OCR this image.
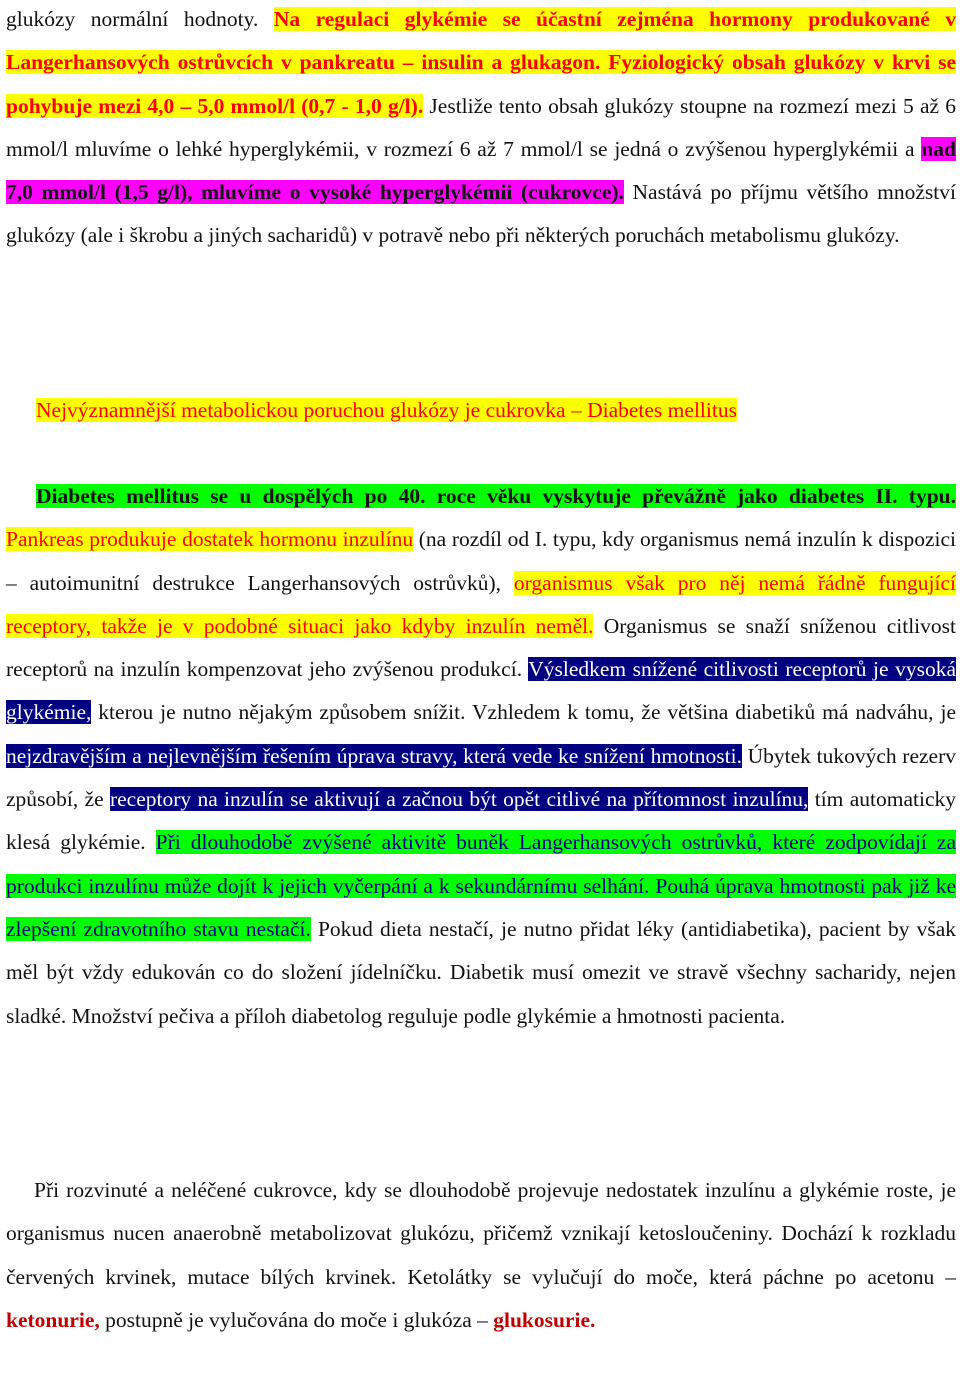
glukózy normální hodnoty. Na regulaci glykémie se účastní zejména hormony produkované v Langerhansových ostrůvcích v pankreatu – insulin a glukagon. Fyziologický obsah glukózy v krvi se pohybuje mezi 4,0 – 5,0 mmol/l (0,7 - 1,0 g/l). Jestliže tento obsah glukózy stoupne na rozmezí mezi 5 až 6 mmol/l mluvíme o lehké hyperglykémii, v rozmezí 6 až 7 mmol/l se jedná o zvýšenou hyperglykémii a nad 7,0 mmol/l (1,5 g/l), mluvíme o vysoké hyperglykémii (cukrovce). Nastává po příjmu většího množství glukózy (ale i škrobu a jiných sacharidů) v potravě nebo při některých poruchách metabolismu glukózy.

Nejvýznamnější metabolickou poruchou glukózy je cukrovka – Diabetes mellitus

Diabetes mellitus se u dospělých po 40. roce věku vyskytuje převážně jako diabetes II. typu. Pankreas produkuje dostatek hormonu inzulínu (na rozdíl od I. typu, kdy organismus nemá inzulín k dispozici – autoimunitní destrukce Langerhansových ostrůvků), organismus však pro něj nemá řádně fungující receptory, takže je v podobné situaci jako kdyby inzulín neměl. Organismus se snaží sníženou citlivost receptorů na inzulín kompenzovat jeho zvýšenou produkcí. Výsledkem snížené citlivosti receptorů je vysoká glykémie, kterou je nutno nějakým způsobem snížit. Vzhledem k tomu, že většina diabetiků má nadváhu, je nejzdravějším a nejlevnějším řešením úprava stravy, která vede ke snížení hmotnosti. Úbytek tukových rezerv způsobí, že receptory na inzulín se aktivují a začnou být opět citlivé na přítomnost inzulínu, tím automaticky klesá glykémie. Při dlouhodobě zvýšené aktivitě buněk Langerhansových ostrůvků, které zodpovídají za produkci inzulínu může dojít k jejich vyčerpání a k sekundárnímu selhání. Pouhá úprava hmotnosti pak již ke zlepšení zdravotního stavu nestačí. Pokud dieta nestačí, je nutno přidat léky (antidiabetika), pacient by však měl být vždy edukován co do složení jídelníčku. Diabetik musí omezit ve stravě všechny sacharidy, nejen sladké. Množství pečiva a příloh diabetolog reguluje podle glykémie a hmotnosti pacienta.

Při rozvinuté a neléčené cukrovce, kdy se dlouhodobě projevuje nedostatek inzulínu a glykémie roste, je organismus nucen anaerobně metabolizovat glukózu, přičemž vznikají ketosloučeniny. Dochází k rozkladu červených krvinek, mutace bílých krvinek. Ketolátky se vylučují do moče, která páchne po acetonu – ketonurie, postupně je vylučována do moče i glukóza – glukosurie.
